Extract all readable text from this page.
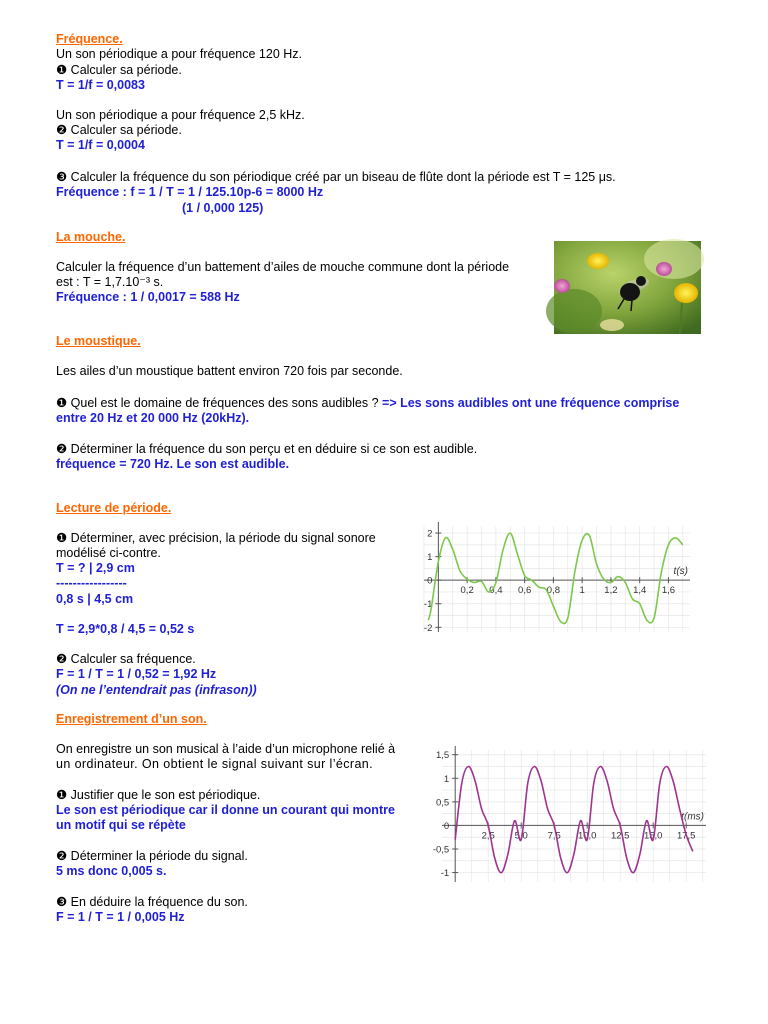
Fréquence.
Un son périodique a pour fréquence 120 Hz.
❶ Calculer sa période.
T = 1/f = 0,0083
Un son périodique a pour fréquence 2,5 kHz.
❷ Calculer sa période.
T = 1/f = 0,0004
❸ Calculer la fréquence du son périodique créé par un biseau de flûte dont la période est T = 125 μs.
Fréquence : f = 1 / T = 1 / 125.10p-6 = 8000 Hz
(1 / 0,000 125)
La mouche.
Calculer la fréquence d’un battement d’ailes de mouche commune dont la période
est : T = 1,7.10⁻³ s.
Fréquence : 1 / 0,0017 = 588 Hz
Le moustique.
Les ailes d’un moustique battent environ 720 fois par seconde.
❶ Quel est le domaine de fréquences des sons audibles ? => Les sons audibles ont une fréquence comprise
entre 20 Hz et 20 000 Hz (20kHz).
❷ Déterminer la fréquence du son perçu et en déduire si ce son est audible.
fréquence = 720 Hz. Le son est audible.
Lecture de période.
❶ Déterminer, avec précision, la période du signal sonore
modélisé ci-contre.
T = ? | 2,9 cm
-----------------
0,8 s | 4,5 cm
T = 2,9*0,8 / 4,5 = 0,52 s
❷ Calculer sa fréquence.
F = 1 / T = 1 / 0,52 = 1,92 Hz
(On ne l’entendrait pas (infrason))
0,2 0,4 0,6 0,8 1 1,2 1,4 1,6
2
1
0
-1
-2
t(s)
Enregistrement d’un son.
On enregistre un son musical à l’aide d’un microphone relié à
un ordinateur. On obtient le signal suivant sur l’écran.
❶ Justifier que le son est périodique.
Le son est périodique car il donne un courant qui montre
un motif qui se répète
❷ Déterminer la période du signal.
5 ms donc 0,005 s.
❸ En déduire la fréquence du son.
F = 1 / T = 1 / 0,005 Hz
2,5 5,0 7,5 10,0 12,5 15,0 17,5
1,5
1
0,5
0
-0,5
-1
t(ms)
